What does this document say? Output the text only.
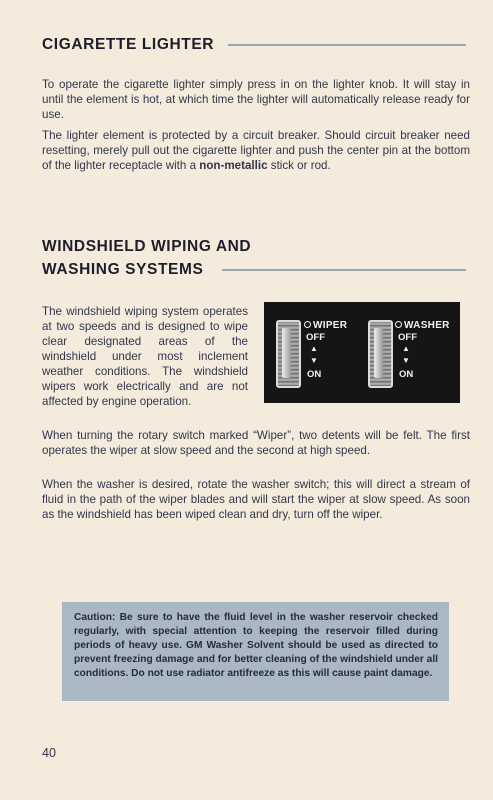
CIGARETTE LIGHTER

To operate the cigarette lighter simply press in on the lighter knob. It will stay in until the element is hot, at which time the lighter will automatically release ready for use.

The lighter element is protected by a circuit breaker. Should circuit breaker need resetting, merely pull out the cigarette lighter and push the center pin at the bottom of the lighter receptacle with a non-metallic stick or rod.

WINDSHIELD WIPING AND
WASHING SYSTEMS

The windshield wiping system operates at two speeds and is designed to wipe clear designated areas of the windshield under most inclement weather conditions. The windshield wipers work electrically and are not affected by engine operation.

WIPER
OFF
▲
▼
ON
WASHER
OFF
▲
▼
ON

When turning the rotary switch marked “Wiper”, two detents will be felt. The first operates the wiper at slow speed and the second at high speed.

When the washer is desired, rotate the washer switch; this will direct a stream of fluid in the path of the wiper blades and will start the wiper at slow speed. As soon as the windshield has been wiped clean and dry, turn off the wiper.

Caution: Be sure to have the fluid level in the washer reservoir checked regularly, with special attention to keeping the reservoir filled during periods of heavy use. GM Washer Solvent should be used as directed to prevent freezing damage and for better cleaning of the windshield under all conditions. Do not use radiator antifreeze as this will cause paint damage.

40
